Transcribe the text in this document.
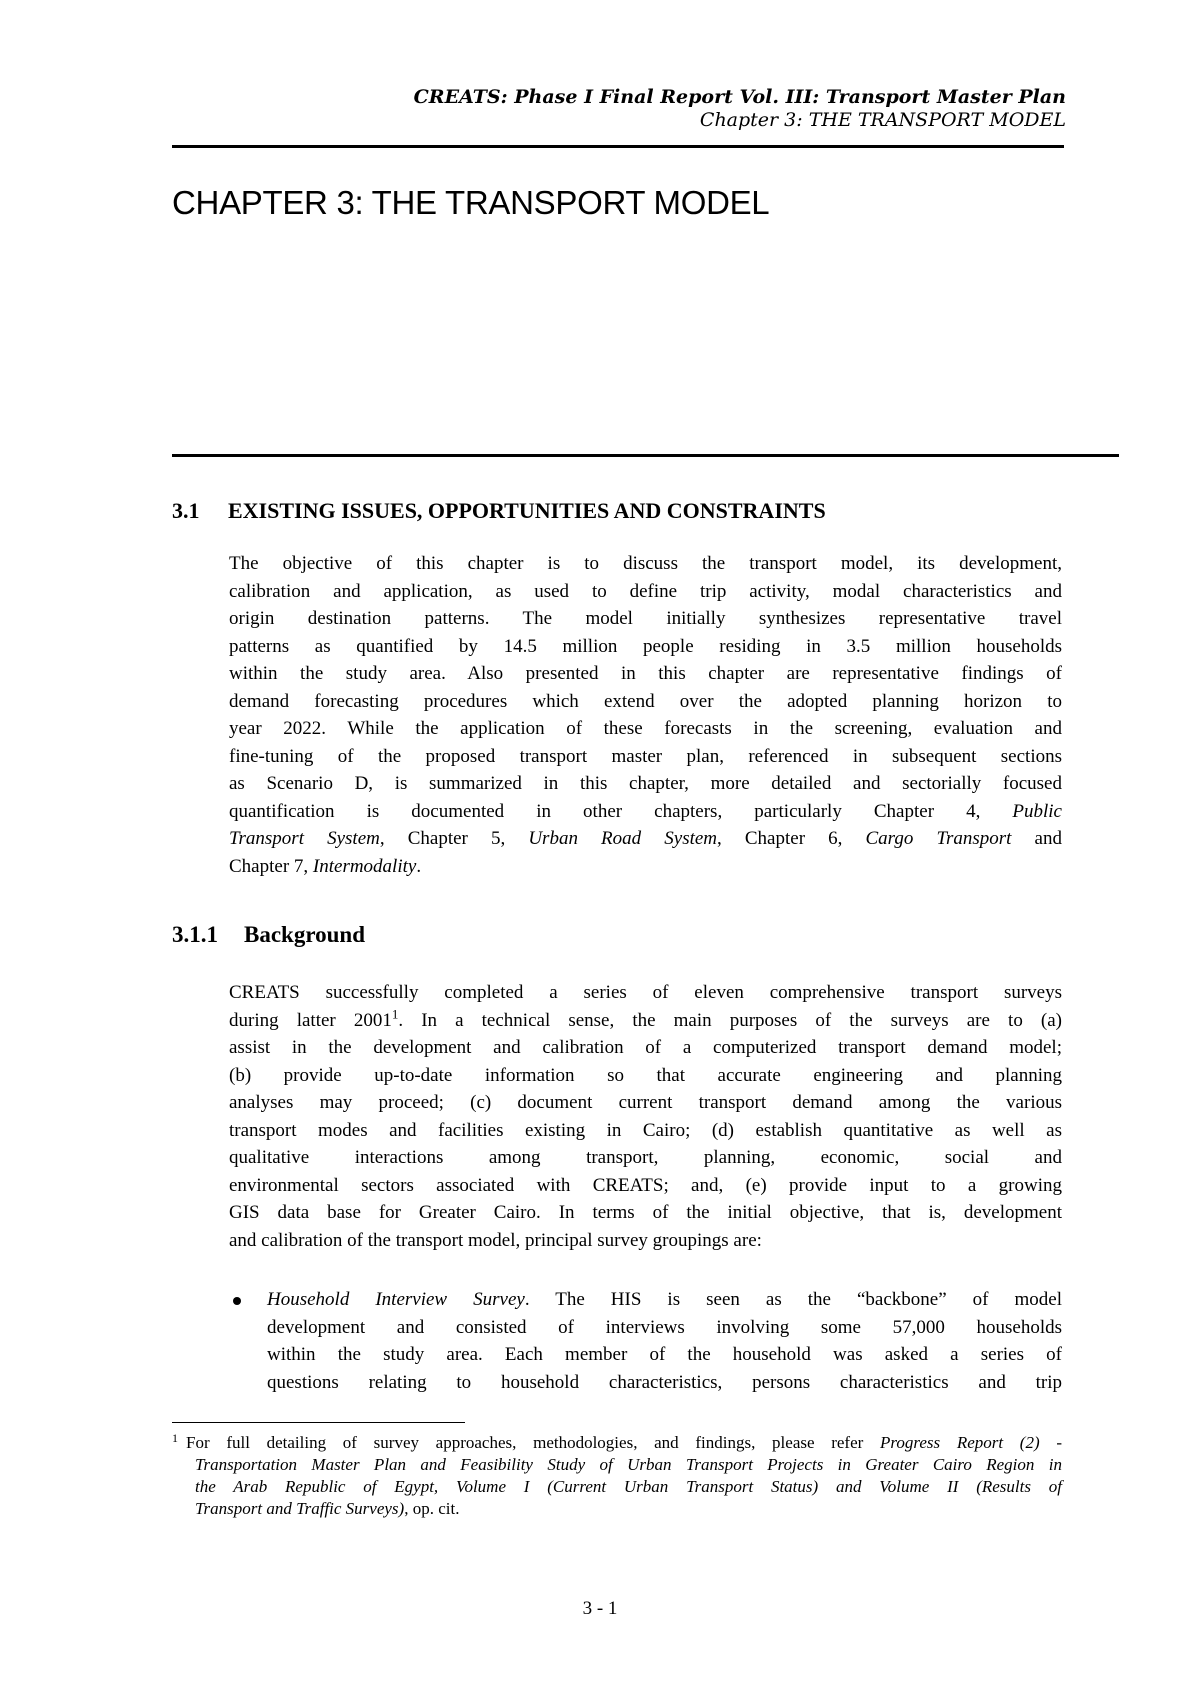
CREATS: Phase I Final Report Vol. III: Transport Master Plan
Chapter 3: THE TRANSPORT MODEL
CHAPTER 3: THE TRANSPORT MODEL
3.1 EXISTING ISSUES, OPPORTUNITIES AND CONSTRAINTS
The objective of this chapter is to discuss the transport model, its development,
calibration and application, as used to define trip activity, modal characteristics and
origin destination patterns. The model initially synthesizes representative travel
patterns as quantified by 14.5 million people residing in 3.5 million households
within the study area. Also presented in this chapter are representative findings of
demand forecasting procedures which extend over the adopted planning horizon to
year 2022. While the application of these forecasts in the screening, evaluation and
fine-tuning of the proposed transport master plan, referenced in subsequent sections
as Scenario D, is summarized in this chapter, more detailed and sectorially focused
quantification is documented in other chapters, particularly Chapter 4, Public
Transport System, Chapter 5, Urban Road System, Chapter 6, Cargo Transport and
Chapter 7, Intermodality.
3.1.1 Background
CREATS successfully completed a series of eleven comprehensive transport surveys
during latter 2001$^1$. In a technical sense, the main purposes of the surveys are to (a)
assist in the development and calibration of a computerized transport demand model;
(b) provide up-to-date information so that accurate engineering and planning
analyses may proceed; (c) document current transport demand among the various
transport modes and facilities existing in Cairo; (d) establish quantitative as well as
qualitative interactions among transport, planning, economic, social and
environmental sectors associated with CREATS; and, (e) provide input to a growing
GIS data base for Greater Cairo. In terms of the initial objective, that is, development
and calibration of the transport model, principal survey groupings are:
Household Interview Survey. The HIS is seen as the “backbone” of model
development and consisted of interviews involving some 57,000 households
within the study area. Each member of the household was asked a series of
questions relating to household characteristics, persons characteristics and trip
$^1$ For full detailing of survey approaches, methodologies, and findings, please refer Progress Report (2) -
Transportation Master Plan and Feasibility Study of Urban Transport Projects in Greater Cairo Region in
the Arab Republic of Egypt, Volume I (Current Urban Transport Status) and Volume II (Results of
Transport and Traffic Surveys), op. cit.
3 - 1
